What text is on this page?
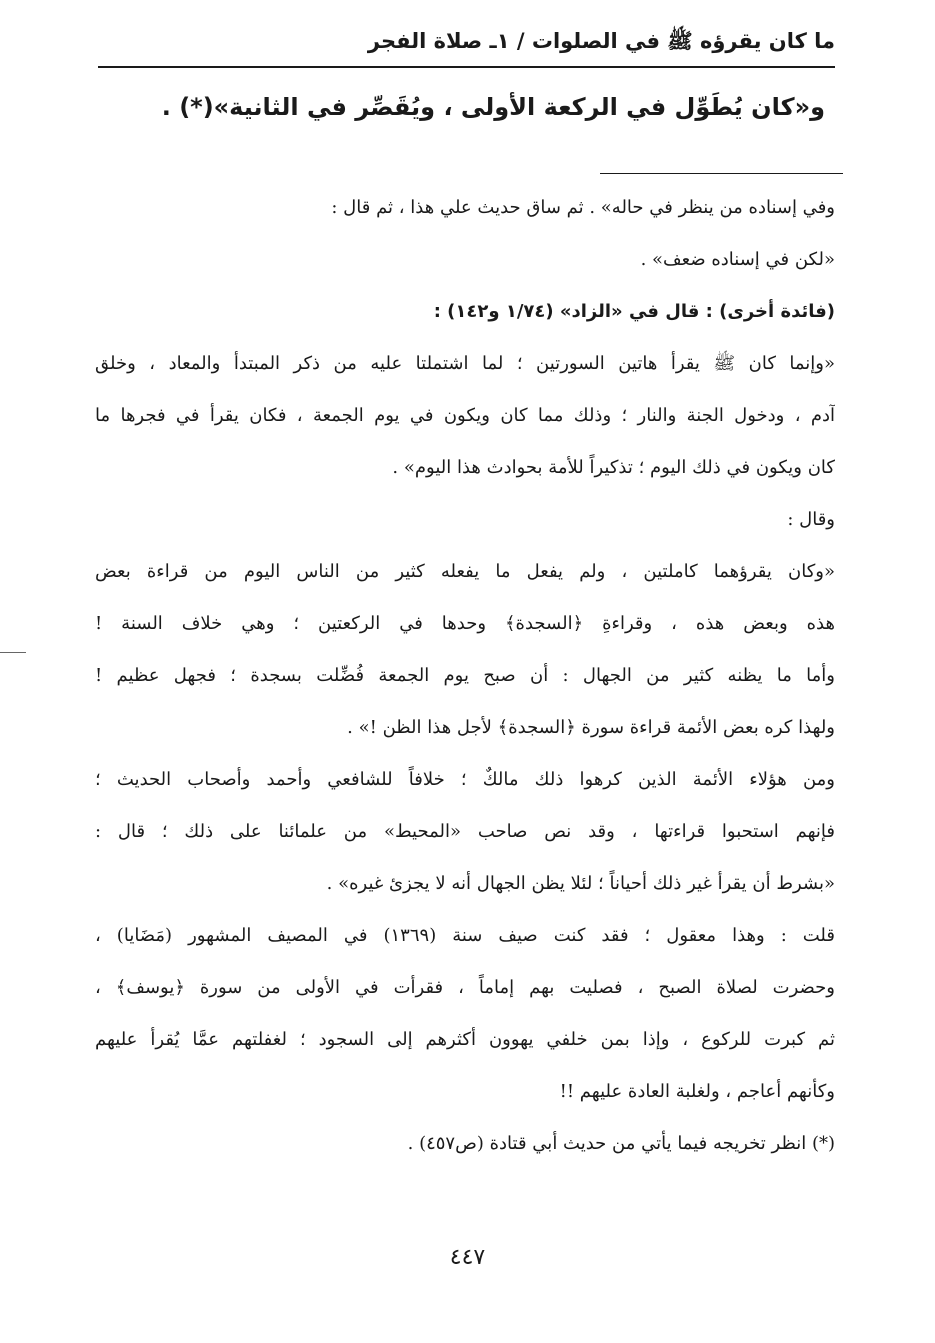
ما كان يقرؤه ﷺ في الصلوات / ١ـ صلاة الفجر
و«كان يُطَوِّل في الركعة الأولى ، ويُقَصِّر في الثانية»(*) .
وفي إسناده من ينظر في حاله» . ثم ساق حديث علي هذا ، ثم قال :
«لكن في إسناده ضعف» .
(فائدة أخرى) : قال في «الزاد» (١/٧٤ و١٤٢) :
«وإنما كان ﷺ يقرأ هاتين السورتين ؛ لما اشتملتا عليه من ذكر المبتدأ والمعاد ، وخلق
آدم ، ودخول الجنة والنار ؛ وذلك مما كان ويكون في يوم الجمعة ، فكان يقرأ في فجرها ما
كان ويكون في ذلك اليوم ؛ تذكيراً للأمة بحوادث هذا اليوم» .
وقال :
«وكان يقرؤهما كاملتين ، ولم يفعل ما يفعله كثير من الناس اليوم من قراءة بعض
هذه وبعض هذه ، وقراءةِ ﴿السجدة﴾ وحدها في الركعتين ؛ وهي خلاف السنة !
وأما ما يظنه كثير من الجهال : أن صبح يوم الجمعة فُضِّلت بسجدة ؛ فجهل عظيم !
ولهذا كره بعض الأئمة قراءة سورة ﴿السجدة﴾ لأجل هذا الظن !» .
ومن هؤلاء الأئمة الذين كرهوا ذلك مالكٌ ؛ خلافاً للشافعي وأحمد وأصحاب الحديث ؛
فإنهم استحبوا قراءتها ، وقد نص صاحب «المحيط» من علمائنا على ذلك ؛ قال :
«بشرط أن يقرأ غير ذلك أحياناً ؛ لئلا يظن الجهال أنه لا يجزئ غيره» .
قلت : وهذا معقول ؛ فقد كنت صيف سنة (١٣٦٩) في المصيف المشهور (مَضَايا) ،
وحضرت لصلاة الصبح ، فصليت بهم إماماً ، فقرأت في الأولى من سورة ﴿يوسف﴾ ،
ثم كبرت للركوع ، وإذا بمن خلفي يهوون أكثرهم إلى السجود ؛ لغفلتهم عمَّا يُقرأ عليهم
وكأنهم أعاجم ، ولغلبة العادة عليهم !!
(*) انظر تخريجه فيما يأتي من حديث أبي قتادة (ص٤٥٧) .
٤٤٧
